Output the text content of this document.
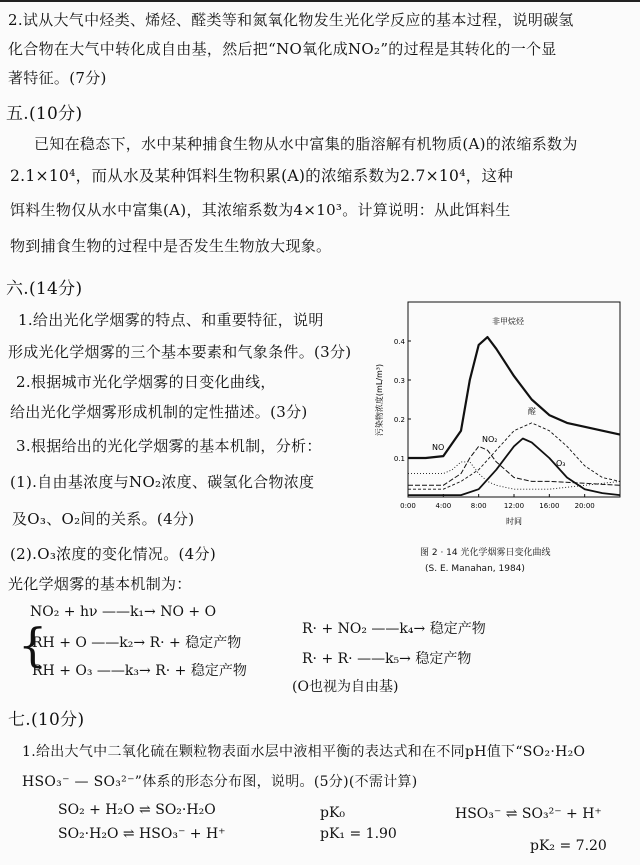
2.试从大气中烃类、烯烃、醛类等和氮氧化物发生光化学反应的基本过程，说明碳氢
化合物在大气中转化成自由基，然后把“NO氧化成NO₂”的过程是其转化的一个显
著特征。(7分)
五.(10分)
已知在稳态下，水中某种捕食生物从水中富集的脂溶解有机物质(A)的浓缩系数为
2.1×10⁴，而从水及某种饵料生物积累(A)的浓缩系数为2.7×10⁴，这种
饵料生物仅从水中富集(A)，其浓缩系数为4×10³。计算说明：从此饵料生
物到捕食生物的过程中是否发生生物放大现象。
六.(14分)
1.给出光化学烟雾的特点、和重要特征，说明
形成光化学烟雾的三个基本要素和气象条件。(3分)
2.根据城市光化学烟雾的日变化曲线，
给出光化学烟雾形成机制的定性描述。(3分)
3.根据给出的光化学烟雾的基本机制，分析：
(1).自由基浓度与NO₂浓度、碳氢化合物浓度
及O₃、O₂间的关系。(4分)
(2).O₃浓度的变化情况。(4分)
光化学烟雾的基本机制为：
NO₂ + hν ——k₁→ NO + O
{
RH + O ——k₂→ R· + 稳定产物
RH + O₃ ——k₃→ R· + 稳定产物
R· + NO₂ ——k₄→ 稳定产物
R· + R· ——k₅→ 稳定产物
(O也视为自由基)
0:00	4:00	8:00 12:00 16:00 20:00
0.1
0.2
0.3
0.4
污染物浓度(mL/m³)
时间
非甲烷烃
醛
NO₂
NO
O₃
图 2 · 14 光化学烟雾日变化曲线
(S. E. Manahan, 1984)
七.(10分)
1.给出大气中二氧化硫在颗粒物表面水层中液相平衡的表达式和在不同pH值下“SO₂·H₂O
HSO₃⁻ — SO₃²⁻”体系的形态分布图，说明。(5分)(不需计算)
SO₂ + H₂O ⇌ SO₂·H₂O
SO₂·H₂O ⇌ HSO₃⁻ + H⁺
pK₀
pK₁ = 1.90
HSO₃⁻ ⇌ SO₃²⁻ + H⁺
pK₂ = 7.20
